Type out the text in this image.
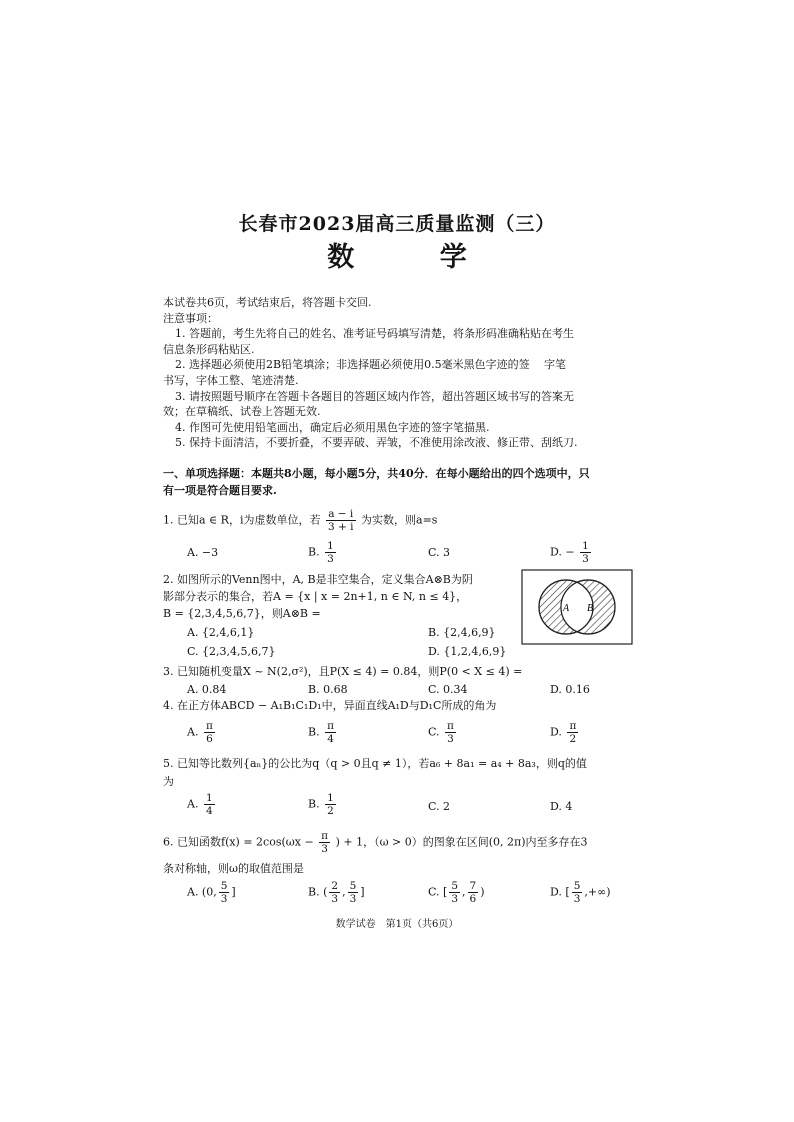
长春市2023届高三质量监测（三）
数 学
本试卷共6页，考试结束后，将答题卡交回.
注意事项：
1. 答题前，考生先将自己的姓名、准考证号码填写清楚，将条形码准确粘贴在考生
信息条形码粘贴区.
2. 选择题必须使用2B铅笔填涂；非选择题必须使用0.5毫米黑色字迹的签　 字笔
书写，字体工整、笔迹清楚.
3. 请按照题号顺序在答题卡各题目的答题区域内作答，超出答题区域书写的答案无
效；在草稿纸、试卷上答题无效.
4. 作图可先使用铅笔画出，确定后必须用黑色字迹的签字笔描黑.
5. 保持卡面清洁，不要折叠，不要弄破、弄皱，不准使用涂改液、修正带、刮纸刀.
一、单项选择题：本题共8小题，每小题5分，共40分．在每小题给出的四个选项中，只
有一项是符合题目要求.
1. 已知a ∈ R，i为虚数单位，若 $\frac{a - i}{3 + i}$ 为实数，则a=s
A. −3	B. $\frac{1}{3}$	C. 3	D. − $\frac{1}{3}$
2. 如图所示的Venn图中，A, B是非空集合，定义集合A⊗B为阴
影部分表示的集合，若A = {x | x = 2n+1, n ∈ N, n ≤ 4}，
B = {2,3,4,5,6,7}，则A⊗B =
A. {2,4,6,1}	B. {2,4,6,9}
C. {2,3,4,5,6,7}	D. {1,2,4,6,9}
A B
3. 已知随机变量X ~ N(2,σ²)，且P(X ≤ 4) = 0.84，则P(0 < X ≤ 4) =
A. 0.84	B. 0.68	C. 0.34	D. 0.16
4. 在正方体ABCD − A₁B₁C₁D₁中，异面直线A₁D与D₁C所成的角为
A. $\frac{\pi}{6}$	B. $\frac{\pi}{4}$	C. $\frac{\pi}{3}$	D. $\frac{\pi}{2}$
5. 已知等比数列{aₙ}的公比为q（q > 0且q ≠ 1），若a₆ + 8a₁ = a₄ + 8a₃，则q的值
为
A. $\frac{1}{4}$	B. $\frac{1}{2}$	C. 2	D. 4
6. 已知函数$f(x) = 2\cos(\omega x - \frac{\pi}{3}$ ) + 1，（ω > 0）的图象在区间(0, 2π)内至多存在3
条对称轴，则ω的取值范围是
A. (0, $\frac{5}{3}$ ]	B. ( $\frac{2}{3}$ , $\frac{5}{3}$ ]	C. [ $\frac{5}{3}$ , $\frac{7}{6}$ )	D. [ $\frac{5}{3}$ ,+∞)
数学试卷　第1页（共6页）
